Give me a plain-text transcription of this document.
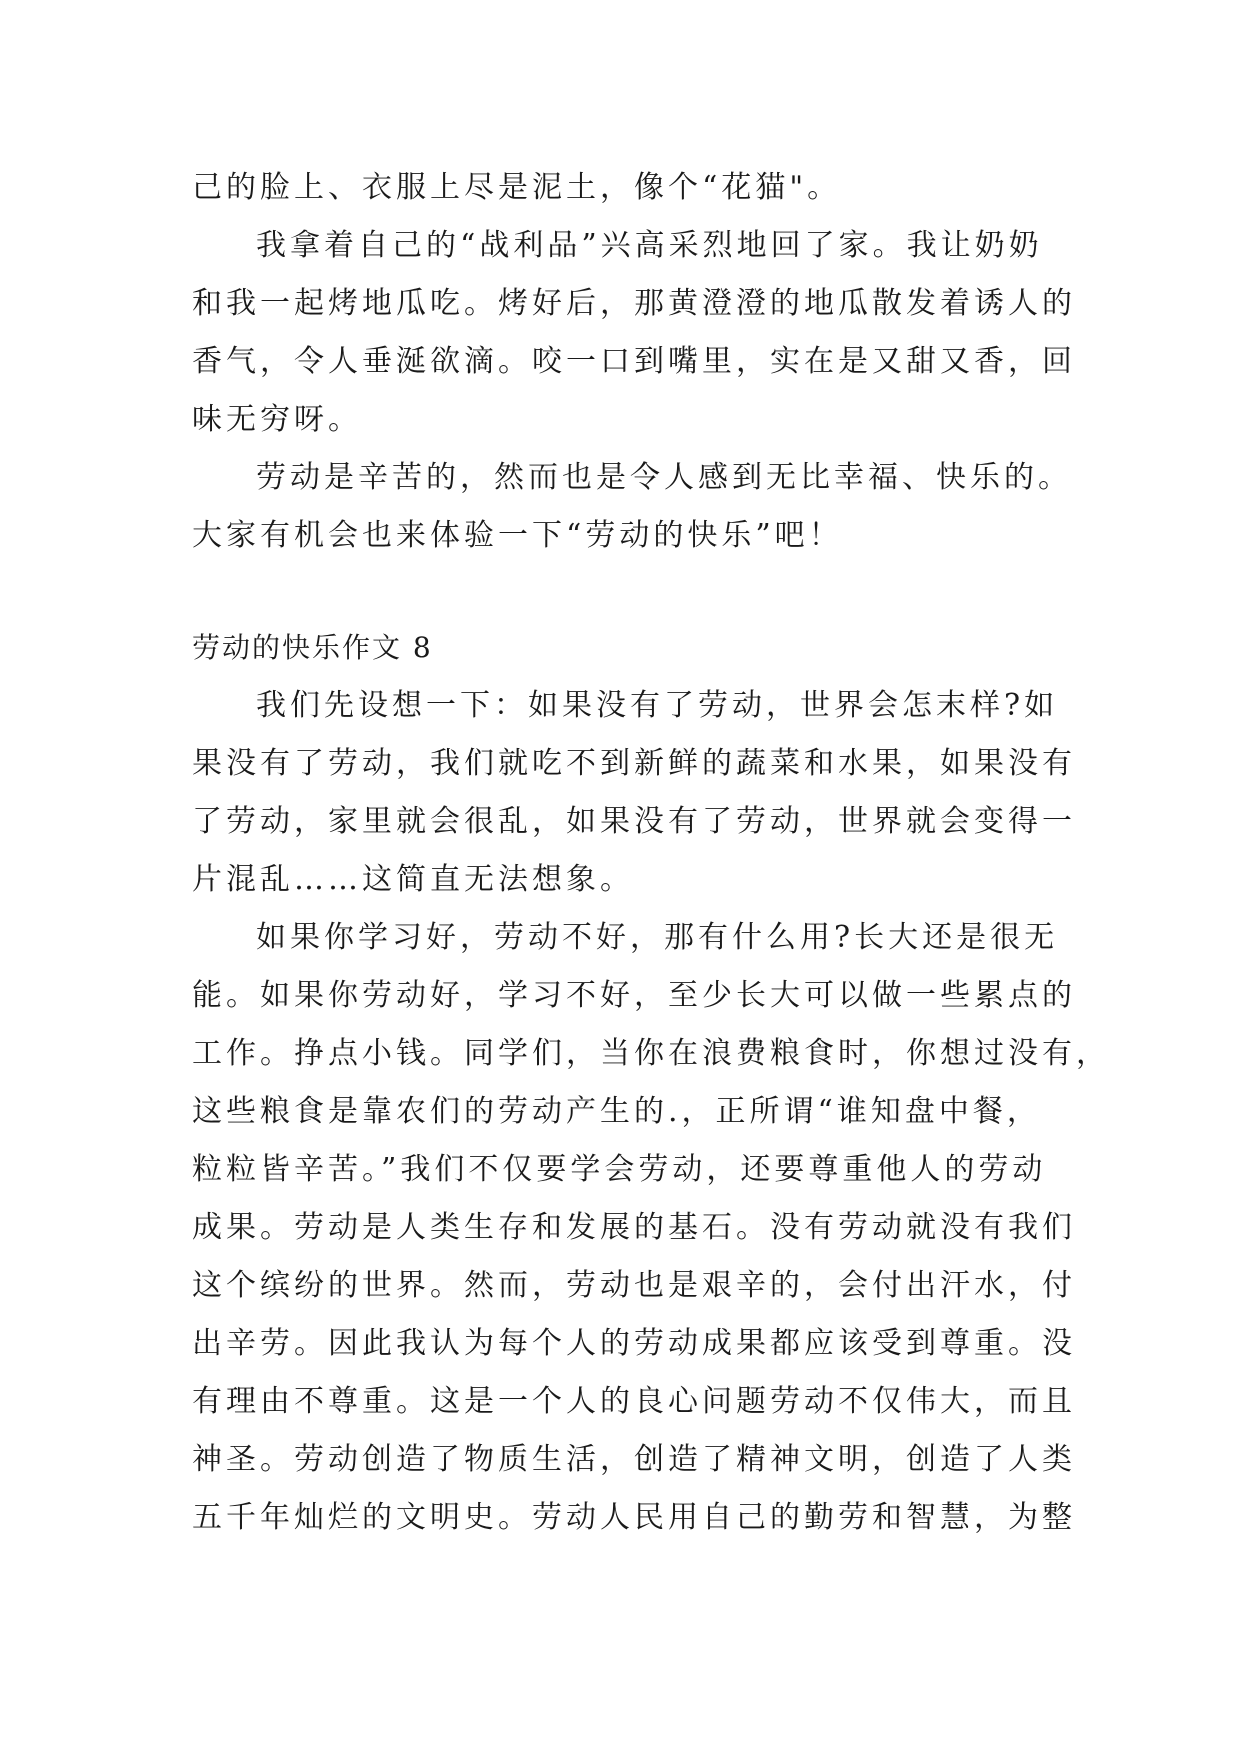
己的脸上、衣服上尽是泥土，像个“花猫"。
我拿着自己的“战利品”兴高采烈地回了家。我让奶奶
和我一起烤地瓜吃。烤好后，那黄澄澄的地瓜散发着诱人的
香气，令人垂涎欲滴。咬一口到嘴里，实在是又甜又香，回
味无穷呀。
劳动是辛苦的，然而也是令人感到无比幸福、快乐的。
大家有机会也来体验一下“劳动的快乐”吧！
劳动的快乐作文 8
我们先设想一下：如果没有了劳动，世界会怎末样?如
果没有了劳动，我们就吃不到新鲜的蔬菜和水果，如果没有
了劳动，家里就会很乱，如果没有了劳动，世界就会变得一
片混乱……这简直无法想象。
如果你学习好，劳动不好，那有什么用?长大还是很无
能。如果你劳动好，学习不好，至少长大可以做一些累点的
工作。挣点小钱。同学们，当你在浪费粮食时，你想过没有，
这些粮食是靠农们的劳动产生的.，正所谓“谁知盘中餐，
粒粒皆辛苦。”我们不仅要学会劳动，还要尊重他人的劳动
成果。劳动是人类生存和发展的基石。没有劳动就没有我们
这个缤纷的世界。然而，劳动也是艰辛的，会付出汗水，付
出辛劳。因此我认为每个人的劳动成果都应该受到尊重。没
有理由不尊重。这是一个人的良心问题劳动不仅伟大，而且
神圣。劳动创造了物质生活，创造了精神文明，创造了人类
五千年灿烂的文明史。劳动人民用自己的勤劳和智慧，为整
